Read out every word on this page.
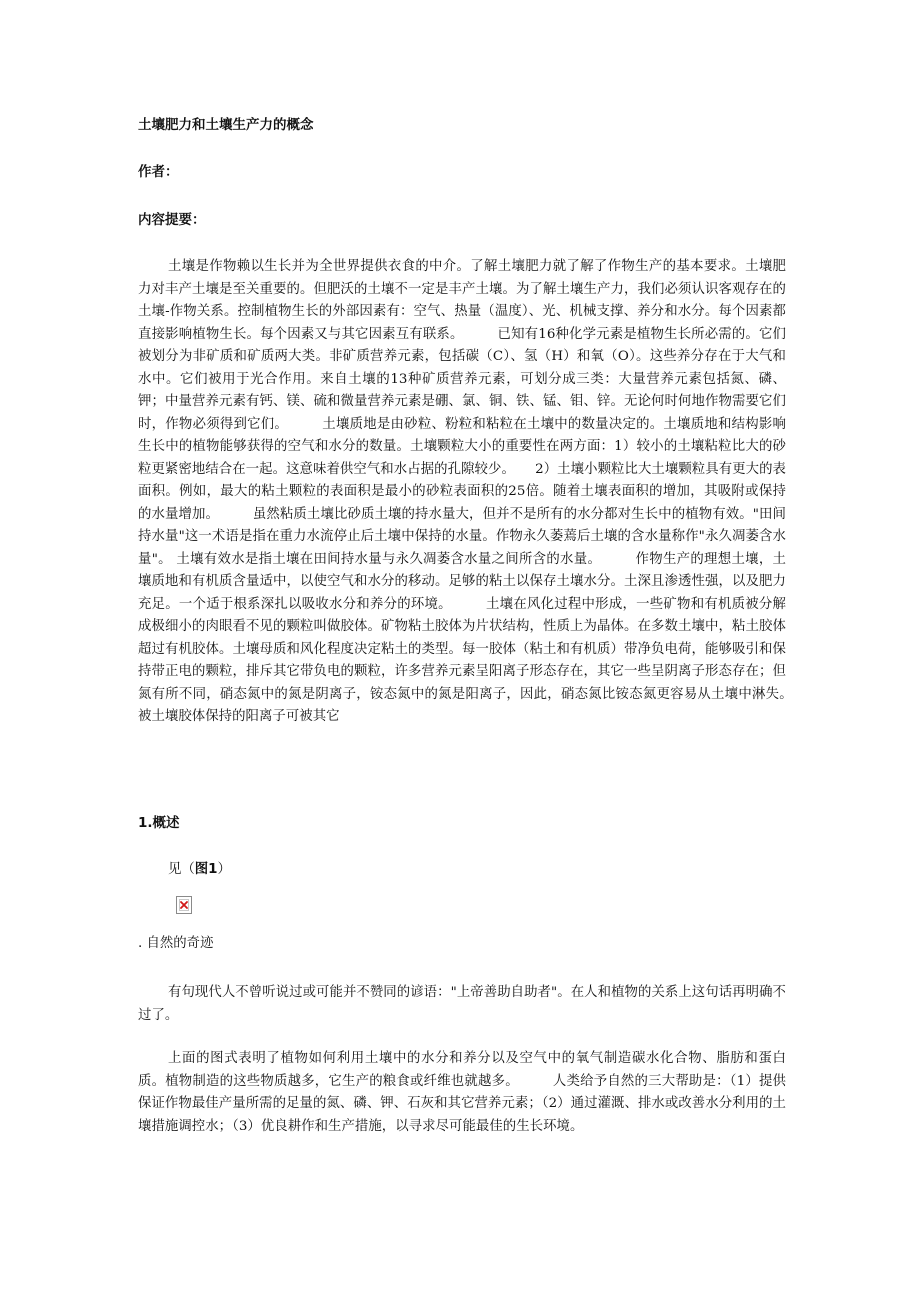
土壤肥力和土壤生产力的概念
作者：
内容提要：

土壤是作物赖以生长并为全世界提供衣食的中介。了解土壤肥力就了解了作物生产的基本要求。土壤肥力对丰产土壤是至关重要的。但肥沃的土壤不一定是丰产土壤。为了解土壤生产力，我们必须认识客观存在的土壤-作物关系。控制植物生长的外部因素有：空气、热量（温度）、光、机械支撑、养分和水分。每个因素都直接影响植物生长。每个因素又与其它因素互有联系。　　　已知有16种化学元素是植物生长所必需的。它们被划分为非矿质和矿质两大类。非矿质营养元素，包括碳（C）、氢（H）和氧（O）。这些养分存在于大气和水中。它们被用于光合作用。来自土壤的13种矿质营养元素，可划分成三类：大量营养元素包括氮、磷、钾；中量营养元素有钙、镁、硫和微量营养元素是硼、氯、铜、铁、锰、钼、锌。无论何时何地作物需要它们时，作物必须得到它们。　　　土壤质地是由砂粒、粉粒和粘粒在土壤中的数量决定的。土壤质地和结构影响生长中的植物能够获得的空气和水分的数量。土壤颗粒大小的重要性在两方面：1）较小的土壤粘粒比大的砂粒更紧密地结合在一起。这意味着供空气和水占据的孔隙较少。　　2）土壤小颗粒比大土壤颗粒具有更大的表面积。例如，最大的粘土颗粒的表面积是最小的砂粒表面积的25倍。随着土壤表面积的增加，其吸附或保持的水量增加。　　　虽然粘质土壤比砂质土壤的持水量大，但并不是所有的水分都对生长中的植物有效。"田间持水量"这一术语是指在重力水流停止后土壤中保持的水量。作物永久萎蔫后土壤的含水量称作"永久凋萎含水量"。 土壤有效水是指土壤在田间持水量与永久凋萎含水量之间所含的水量。　　　作物生产的理想土壤，土壤质地和有机质含量适中，以使空气和水分的移动。足够的粘土以保存土壤水分。土深且渗透性强，以及肥力充足。一个适于根系深扎以吸收水分和养分的环境。　　　土壤在风化过程中形成，一些矿物和有机质被分解成极细小的肉眼看不见的颗粒叫做胶体。矿物粘土胶体为片状结构，性质上为晶体。在多数土壤中，粘土胶体超过有机胶体。土壤母质和风化程度决定粘土的类型。每一胶体（粘土和有机质）带净负电荷，能够吸引和保持带正电的颗粒，排斥其它带负电的颗粒，许多营养元素呈阳离子形态存在，其它一些呈阴离子形态存在；但氮有所不同，硝态氮中的氮是阴离子，铵态氮中的氮是阳离子，因此，硝态氮比铵态氮更容易从土壤中淋失。　　　被土壤胶体保持的阳离子可被其它

1.概述
见（图1）
. 自然的奇迹

有句现代人不曾听说过或可能并不赞同的谚语："上帝善助自助者"。在人和植物的关系上这句话再明确不过了。

上面的图式表明了植物如何利用土壤中的水分和养分以及空气中的氧气制造碳水化合物、脂肪和蛋白质。植物制造的这些物质越多，它生产的粮食或纤维也就越多。　　　人类给予自然的三大帮助是：（1）提供保证作物最佳产量所需的足量的氮、磷、钾、石灰和其它营养元素；（2）通过灌溉、排水或改善水分利用的土壤措施调控水；（3）优良耕作和生产措施，以寻求尽可能最佳的生长环境。
